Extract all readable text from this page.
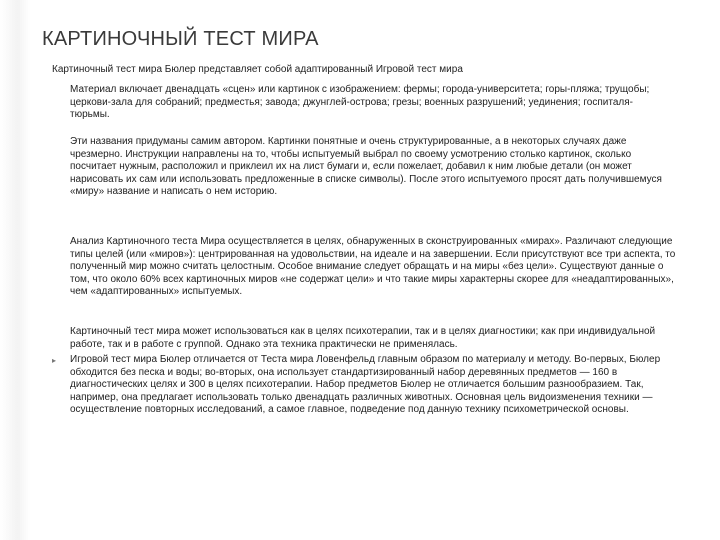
КАРТИНОЧНЫЙ ТЕСТ МИРА
Картиночный тест мира Бюлер представляет собой адаптированный Игровой тест мира
Материал включает двенадцать «сцен» или картинок с изображением: фермы; города-университета; горы-пляжа; трущобы; церкови-зала для собраний; предместья; завода; джунглей-острова; грезы; военных разрушений; уединения; госпиталя-тюрьмы.
Эти названия придуманы самим автором. Картинки понятные и очень структурированные, а в некоторых случаях даже чрезмерно. Инструкции направлены на то, чтобы испытуемый выбрал по своему усмотрению столько картинок, сколько посчитает нужным, расположил и приклеил их на лист бумаги и, если пожелает, добавил к ним любые детали (он может нарисовать их сам или использовать предложенные в списке символы). После этого испытуемого просят дать получившемуся «миру» название и написать о нем историю.
Анализ Картиночного теста Мира осуществляется в целях, обнаруженных в сконструированных «мирах». Различают следующие типы целей (или «миров»): центрированная на удовольствии, на идеале и на завершении. Если присутствуют все три аспекта, то полученный мир можно считать целостным. Особое внимание следует обращать и на миры «без цели». Существуют данные о том, что около 60% всех картиночных миров «не содержат цели» и что такие миры характерны скорее для «неадаптированных», чем «адаптированных» испытуемых.
Картиночный тест мира может использоваться как в целях психотерапии, так и в целях диагностики; как при индивидуальной работе, так и в работе с группой. Однако эта техника практически не применялась.
▸ Игровой тест мира Бюлер отличается от Теста мира Ловенфельд главным образом по материалу и методу. Во-первых, Бюлер обходится без песка и воды; во-вторых, она использует стандартизированный набор деревянных предметов — 160 в диагностических целях и 300 в целях психотерапии. Набор предметов Бюлер не отличается большим разнообразием. Так, например, она предлагает использовать только двенадцать различных животных. Основная цель видоизменения техники — осуществление повторных исследований, а самое главное, подведение под данную технику психометрической основы.
